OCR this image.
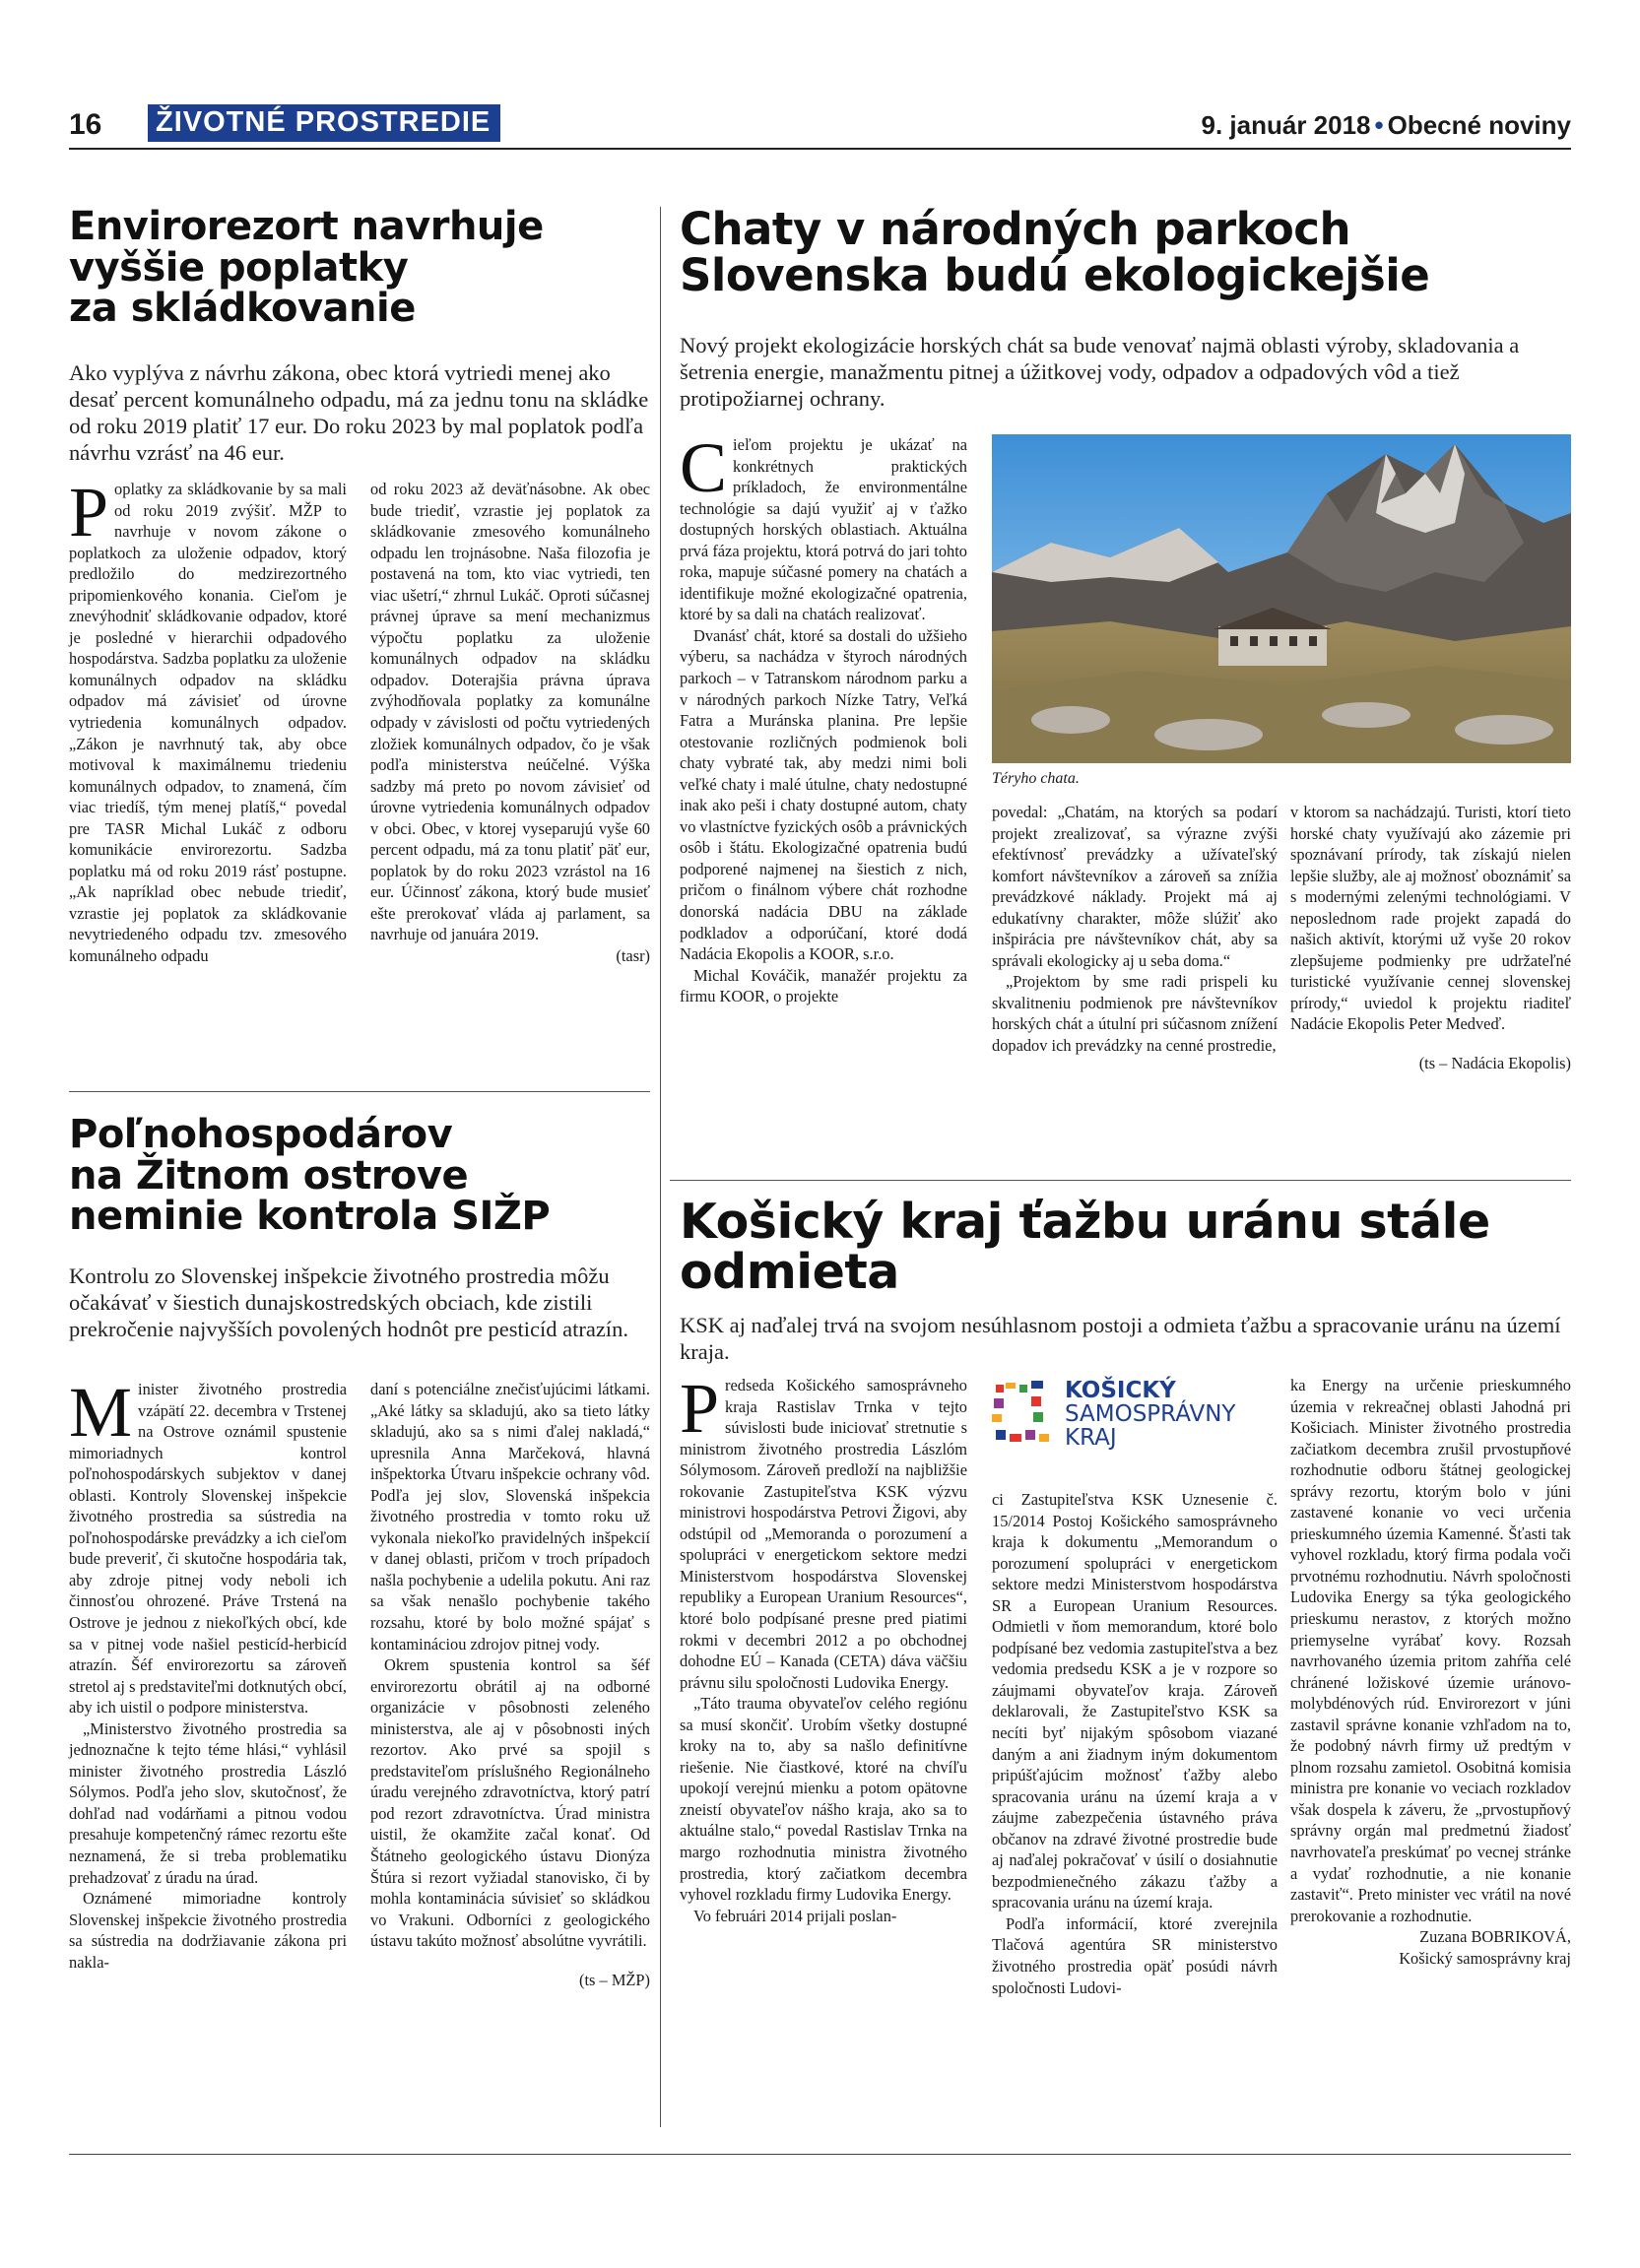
16 ŽIVOTNÉ PROSTREDIE	9. január 2018 • Obecné noviny
Envirorezort navrhuje
vyššie poplatky
za skládkovanie
Ako vyplýva z návrhu zákona, obec ktorá vytriedi menej ako desať percent komunálneho odpadu, má za jednu tonu na skládke od roku 2019 platiť 17 eur. Do roku 2023 by mal poplatok podľa návrhu vzrásť na 46 eur.

Poplatky za skládkovanie by sa mali od roku 2019 zvýšiť. MŽP to navrhuje v novom zákone o poplatkoch za uloženie odpadov, ktorý predložilo do medzirezortného pripomienkového konania. Cieľom je znevýhodniť skládkovanie odpadov, ktoré je posledné v hierarchii odpadového hospodárstva. Sadzba poplatku za uloženie komunálnych odpadov na skládku odpadov má závisieť od úrovne vytriedenia komunálnych odpadov. „Zákon je navrhnutý tak, aby obce motivoval k maximálnemu triedeniu komunálnych odpadov, to znamená, čím viac triedíš, tým menej platíš,“ povedal pre TASR Michal Lukáč z odboru komunikácie envirorezortu. Sadzba poplatku má od roku 2019 rásť postupne. „Ak napríklad obec nebude triediť, vzrastie jej poplatok za skládkovanie nevytriedeného odpadu tzv. zmesového komunálneho odpadu

od roku 2023 až deväťnásobne. Ak obec bude triediť, vzrastie jej poplatok za skládkovanie zmesového komunálneho odpadu len trojnásobne. Naša filozofia je postavená na tom, kto viac vytriedi, ten viac ušetrí,“ zhrnul Lukáč. Oproti súčasnej právnej úprave sa mení mechanizmus výpočtu poplatku za uloženie komunálnych odpadov na skládku odpadov. Doterajšia právna úprava zvýhodňovala poplatky za komunálne odpady v závislosti od počtu vytriedených zložiek komunálnych odpadov, čo je však podľa ministerstva neúčelné. Výška sadzby má preto po novom závisieť od úrovne vytriedenia komunálnych odpadov v obci. Obec, v ktorej vyseparujú vyše 60 percent odpadu, má za tonu platiť päť eur, poplatok by do roku 2023 vzrástol na 16 eur. Účinnosť zákona, ktorý bude musieť ešte prerokovať vláda aj parlament, sa navrhuje od januára 2019.

(tasr)
Poľnohospodárov
na Žitnom ostrove
neminie kontrola SIŽP
Kontrolu zo Slovenskej inšpekcie životného prostredia môžu očakávať v šiestich dunajskostredských obciach, kde zistili prekročenie najvyšších povolených hodnôt pre pesticíd atrazín.

Minister životného prostredia vzápätí 22. decembra v Trstenej na Ostrove oznámil spustenie mimoriadnych kontrol poľnohospodárskych subjektov v danej oblasti. Kontroly Slovenskej inšpekcie životného prostredia sa sústredia na poľnohospodárske prevádzky a ich cieľom bude preveriť, či skutočne hospodária tak, aby zdroje pitnej vody neboli ich činnosťou ohrozené. Práve Trstená na Ostrove je jednou z niekoľkých obcí, kde sa v pitnej vode našiel pesticíd-herbicíd atrazín. Šéf envirorezortu sa zároveň stretol aj s predstaviteľmi dotknutých obcí, aby ich uistil o podpore ministerstva.

„Ministerstvo životného prostredia sa jednoznačne k tejto téme hlási,“ vyhlásil minister životného prostredia László Sólymos. Podľa jeho slov, skutočnosť, že dohľad nad vodárňami a pitnou vodou presahuje kompetenčný rámec rezortu ešte neznamená, že si treba problematiku prehadzovať z úradu na úrad.

Oznámené mimoriadne kontroly Slovenskej inšpekcie životného prostredia sa sústredia na dodržiavanie zákona pri nakla-

daní s potenciálne znečisťujúcimi látkami. „Aké látky sa skladujú, ako sa tieto látky skladujú, ako sa s nimi ďalej nakladá,“ upresnila Anna Marčeková, hlavná inšpektorka Útvaru inšpekcie ochrany vôd. Podľa jej slov, Slovenská inšpekcia životného prostredia v tomto roku už vykonala niekoľko pravidelných inšpekcií v danej oblasti, pričom v troch prípadoch našla pochybenie a udelila pokutu. Ani raz sa však nenašlo pochybenie takého rozsahu, ktoré by bolo možné spájať s kontamináciou zdrojov pitnej vody.

Okrem spustenia kontrol sa šéf envirorezortu obrátil aj na odborné organizácie v pôsobnosti zeleného ministerstva, ale aj v pôsobnosti iných rezortov. Ako prvé sa spojil s predstaviteľom príslušného Regionálneho úradu verejného zdravotníctva, ktorý patrí pod rezort zdravotníctva. Úrad ministra uistil, že okamžite začal konať. Od Štátneho geologického ústavu Dionýza Štúra si rezort vyžiadal stanovisko, či by mohla kontaminácia súvisieť so skládkou vo Vrakuni. Odborníci z geologického ústavu takúto možnosť absolútne vyvrátili.

(ts – MŽP)
Chaty v národných parkoch
Slovenska budú ekologickejšie
Nový projekt ekologizácie horských chát sa bude venovať najmä oblasti výroby, skladovania a šetrenia energie, manažmentu pitnej a úžitkovej vody, odpadov a odpadových vôd a tiež protipožiarnej ochrany.

Cieľom projektu je ukázať na konkrétnych praktických príkladoch, že environmentálne technológie sa dajú využiť aj v ťažko dostupných horských oblastiach. Aktuálna prvá fáza projektu, ktorá potrvá do jari tohto roka, mapuje súčasné pomery na chatách a identifikuje možné ekologizačné opatrenia, ktoré by sa dali na chatách realizovať.

Dvanásť chát, ktoré sa dostali do užšieho výberu, sa nachádza v štyroch národných parkoch – v Tatranskom národnom parku a v národných parkoch Nízke Tatry, Veľká Fatra a Muránska planina. Pre lepšie otestovanie rozličných podmienok boli chaty vybraté tak, aby medzi nimi boli veľké chaty i malé útulne, chaty nedostupné inak ako peši i chaty dostupné autom, chaty vo vlastníctve fyzických osôb a právnických osôb i štátu. Ekologizačné opatrenia budú podporené najmenej na šiestich z nich, pričom o finálnom výbere chát rozhodne donorská nadácia DBU na základe podkladov a odporúčaní, ktoré dodá Nadácia Ekopolis a KOOR, s.r.o.

Michal Kováčik, manažér projektu za firmu KOOR, o projekte

Téryho chata.

povedal: „Chatám, na ktorých sa podarí projekt zrealizovať, sa výrazne zvýši efektívnosť prevádzky a užívateľský komfort návštevníkov a zároveň sa znížia prevádzkové náklady. Projekt má aj edukatívny charakter, môže slúžiť ako inšpirácia pre návštevníkov chát, aby sa správali ekologicky aj u seba doma.“

„Projektom by sme radi prispeli ku skvalitneniu podmienok pre návštevníkov horských chát a útulní pri súčasnom znížení dopadov ich prevádzky na cenné prostredie,

v ktorom sa nachádzajú. Turisti, ktorí tieto horské chaty využívajú ako zázemie pri spoznávaní prírody, tak získajú nielen lepšie služby, ale aj možnosť oboznámiť sa s modernými zelenými technológiami. V neposlednom rade projekt zapadá do našich aktivít, ktorými už vyše 20 rokov zlepšujeme podmienky pre udržateľné turistické využívanie cennej slovenskej prírody,“ uviedol k projektu riaditeľ Nadácie Ekopolis Peter Medveď.

(ts – Nadácia Ekopolis)
Košický kraj ťažbu uránu stále
odmieta
KSK aj naďalej trvá na svojom nesúhlasnom postoji a odmieta ťažbu a spracovanie uránu na území kraja.

Predseda Košického samosprávneho kraja Rastislav Trnka v tejto súvislosti bude iniciovať stretnutie s ministrom životného prostredia Lászlóm Sólymosom. Zároveň predloží na najbližšie rokovanie Zastupiteľstva KSK výzvu ministrovi hospodárstva Petrovi Žigovi, aby odstúpil od „Memoranda o porozumení a spolupráci v energetickom sektore medzi Ministerstvom hospodárstva Slovenskej republiky a European Uranium Resources“, ktoré bolo podpísané presne pred piatimi rokmi v decembri 2012 a po obchodnej dohodne EÚ – Kanada (CETA) dáva väčšiu právnu silu spoločnosti Ludovika Energy.

„Táto trauma obyvateľov celého regiónu sa musí skončiť. Urobím všetky dostupné kroky na to, aby sa našlo definitívne riešenie. Nie čiastkové, ktoré na chvíľu upokojí verejnú mienku a potom opätovne zneistí obyvateľov nášho kraja, ako sa to aktuálne stalo,“ povedal Rastislav Trnka na margo rozhodnutia ministra životného prostredia, ktorý začiatkom decembra vyhovel rozkladu firmy Ludovika Energy.

Vo februári 2014 prijali poslan-

KOŠICKÝ
SAMOSPRÁVNY
KRAJ

ci Zastupiteľstva KSK Uznesenie č. 15/2014 Postoj Košického samosprávneho kraja k dokumentu „Memorandum o porozumení spolupráci v energetickom sektore medzi Ministerstvom hospodárstva SR a European Uranium Resources. Odmietli v ňom memorandum, ktoré bolo podpísané bez vedomia zastupiteľstva a bez vedomia predsedu KSK a je v rozpore so záujmami obyvateľov kraja. Zároveň deklarovali, že Zastupiteľstvo KSK sa necíti byť nijakým spôsobom viazané daným a ani žiadnym iným dokumentom pripúšťajúcim možnosť ťažby alebo spracovania uránu na území kraja a v záujme zabezpečenia ústavného práva občanov na zdravé životné prostredie bude aj naďalej pokračovať v úsilí o dosiahnutie bezpodmienečného zákazu ťažby a spracovania uránu na území kraja.

Podľa informácií, ktoré zverejnila Tlačová agentúra SR ministerstvo životného prostredia opäť posúdi návrh spoločnosti Ludovi-

ka Energy na určenie prieskumného územia v rekreačnej oblasti Jahodná pri Košiciach. Minister životného prostredia začiatkom decembra zrušil prvostupňové rozhodnutie odboru štátnej geologickej správy rezortu, ktorým bolo v júni zastavené konanie vo veci určenia prieskumného územia Kamenné. Šťasti tak vyhovel rozkladu, ktorý firma podala voči prvotnému rozhodnutiu. Návrh spoločnosti Ludovika Energy sa týka geologického prieskumu nerastov, z ktorých možno priemyselne vyrábať kovy. Rozsah navrhovaného územia pritom zahŕňa celé chránené ložiskové územie uránovo-molybdénových rúd. Envirorezort v júni zastavil správne konanie vzhľadom na to, že podobný návrh firmy už predtým v plnom rozsahu zamietol. Osobitná komisia ministra pre konanie vo veciach rozkladov však dospela k záveru, že „prvostupňový správny orgán mal predmetnú žiadosť navrhovateľa preskúmať po vecnej stránke a vydať rozhodnutie, a nie konanie zastaviť“. Preto minister vec vrátil na nové prerokovanie a rozhodnutie.

Zuzana BOBRIKOVÁ,
Košický samosprávny kraj
